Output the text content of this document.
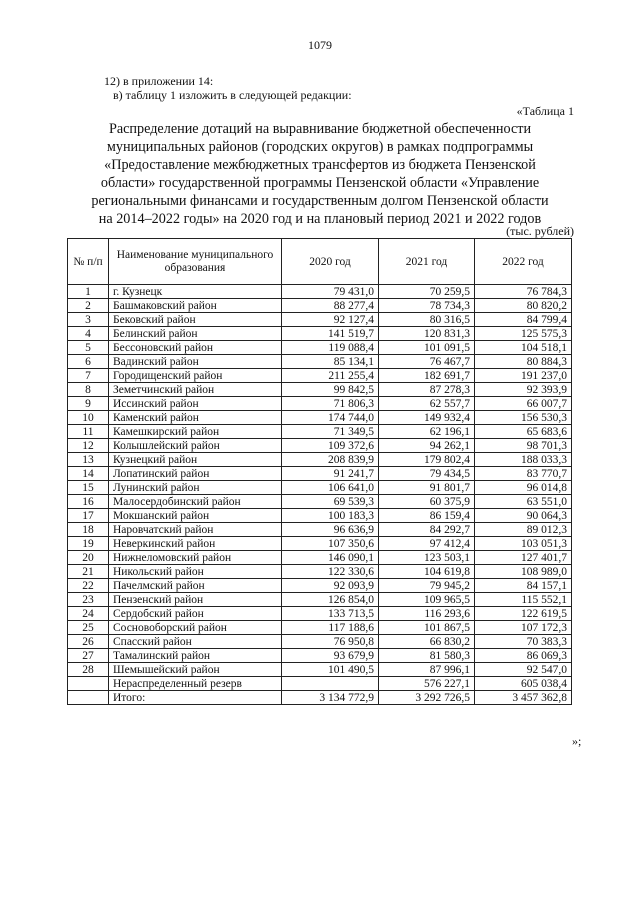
1079
12) в приложении 14:
в) таблицу 1 изложить в следующей редакции:
«Таблица 1
Распределение дотаций на выравнивание бюджетной обеспеченности
муниципальных районов (городских округов) в рамках подпрограммы
«Предоставление межбюджетных трансфертов из бюджета Пензенской
области» государственной программы Пензенской области «Управление
региональными финансами и государственным долгом Пензенской области
на 2014–2022 годы» на 2020 год и на плановый период 2021 и 2022 годов
(тыс. рублей)
№ п/п	Наименование муниципального образования	2020 год	2021 год	2022 год
1	г. Кузнецк	79 431,0	70 259,5	76 784,3
2	Башмаковский район	88 277,4	78 734,3	80 820,2
3	Бековский район	92 127,4	80 316,5	84 799,4
4	Белинский район	141 519,7	120 831,3	125 575,3
5	Бессоновский район	119 088,4	101 091,5	104 518,1
6	Вадинский район	85 134,1	76 467,7	80 884,3
7	Городищенский район	211 255,4	182 691,7	191 237,0
8	Земетчинский район	99 842,5	87 278,3	92 393,9
9	Иссинский район	71 806,3	62 557,7	66 007,7
10	Каменский район	174 744,0	149 932,4	156 530,3
11	Камешкирский район	71 349,5	62 196,1	65 683,6
12	Колышлейский район	109 372,6	94 262,1	98 701,3
13	Кузнецкий район	208 839,9	179 802,4	188 033,3
14	Лопатинский район	91 241,7	79 434,5	83 770,7
15	Лунинский район	106 641,0	91 801,7	96 014,8
16	Малосердобинский район	69 539,3	60 375,9	63 551,0
17	Мокшанский район	100 183,3	86 159,4	90 064,3
18	Наровчатский район	96 636,9	84 292,7	89 012,3
19	Неверкинский район	107 350,6	97 412,4	103 051,3
20	Нижнеломовский район	146 090,1	123 503,1	127 401,7
21	Никольский район	122 330,6	104 619,8	108 989,0
22	Пачелмский район	92 093,9	79 945,2	84 157,1
23	Пензенский район	126 854,0	109 965,5	115 552,1
24	Сердобский район	133 713,5	116 293,6	122 619,5
25	Сосновоборский район	117 188,6	101 867,5	107 172,3
26	Спасский район	76 950,8	66 830,2	70 383,3
27	Тамалинский район	93 679,9	81 580,3	86 069,3
28	Шемышейский район	101 490,5	87 996,1	92 547,0
	Нераспределенный резерв		576 227,1	605 038,4
	Итого:	3 134 772,9	3 292 726,5	3 457 362,8
»;
